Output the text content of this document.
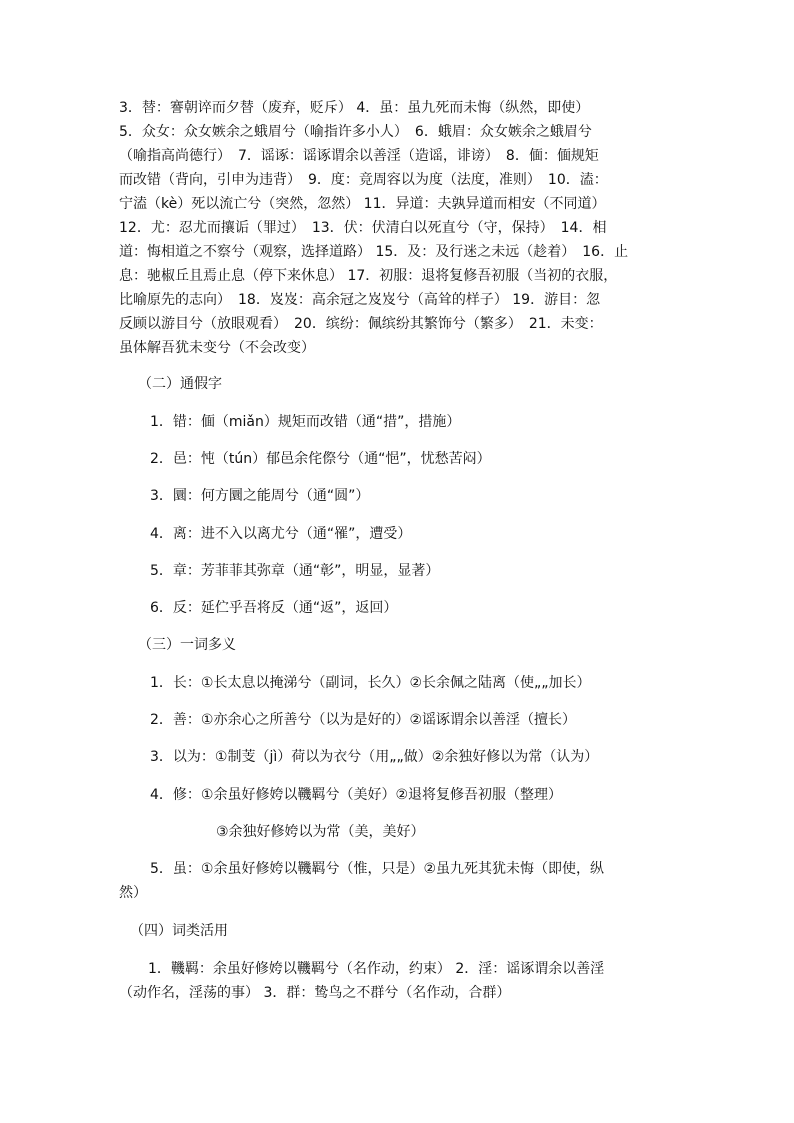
3．替：謇朝谇而夕替（废弃，贬斥） 4．虽：虽九死而未悔（纵然，即使）
5．众女：众女嫉余之蛾眉兮（喻指许多小人）　6．蛾眉：众女嫉余之蛾眉兮
（喻指高尚德行）　7．谣诼：谣诼谓余以善淫（造谣，诽谤）　8．偭：偭规矩
而改错（背向，引申为违背）　9．度：竞周容以为度（法度，准则）　10．溘：
宁溘（kè）死以流亡兮（突然，忽然） 11．异道：夫孰异道而相安（不同道）
12．尤：忍尤而攘诟（罪过）　13．伏：伏清白以死直兮（守，保持）　14．相
道：悔相道之不察兮（观察，选择道路） 15．及：及行迷之未远（趁着）　16．止
息：驰椒丘且焉止息（停下来休息） 17．初服：退将复修吾初服（当初的衣服，
比喻原先的志向）　18．岌岌：高余冠之岌岌兮（高耸的样子） 19．游目：忽
反顾以游目兮（放眼观看）　20．缤纷：佩缤纷其繁饰兮（繁多）　21．未变：
虽体解吾犹未变兮（不会改变）
（二）通假字
1．错：偭（miǎn）规矩而改错（通“措”，措施）
2．邑：忳（tún）郁邑余侘傺兮（通“悒”，忧愁苦闷）
3．圜：何方圜之能周兮（通“圆”）
4．离：进不入以离尤兮（通“罹”，遭受）
5．章：芳菲菲其弥章（通“彰”，明显，显著）
6．反：延伫乎吾将反（通“返”，返回）
（三）一词多义
1．长：①长太息以掩涕兮（副词，长久）②长余佩之陆离（使„„加长）
2．善：①亦余心之所善兮（以为是好的）②谣诼谓余以善淫（擅长）
3．以为：①制芰（jì）荷以为衣兮（用„„做）②余独好修以为常（认为）
4．修：①余虽好修姱以鞿羁兮（美好）②退将复修吾初服（整理）
③余独好修姱以为常（美，美好）
5．虽：①余虽好修姱以鞿羁兮（惟，只是）②虽九死其犹未悔（即使，纵
然）
（四）词类活用
1．鞿羁：余虽好修姱以鞿羁兮（名作动，约束） 2．淫：谣诼谓余以善淫
（动作名，淫荡的事） 3．群：鸷鸟之不群兮（名作动，合群）
